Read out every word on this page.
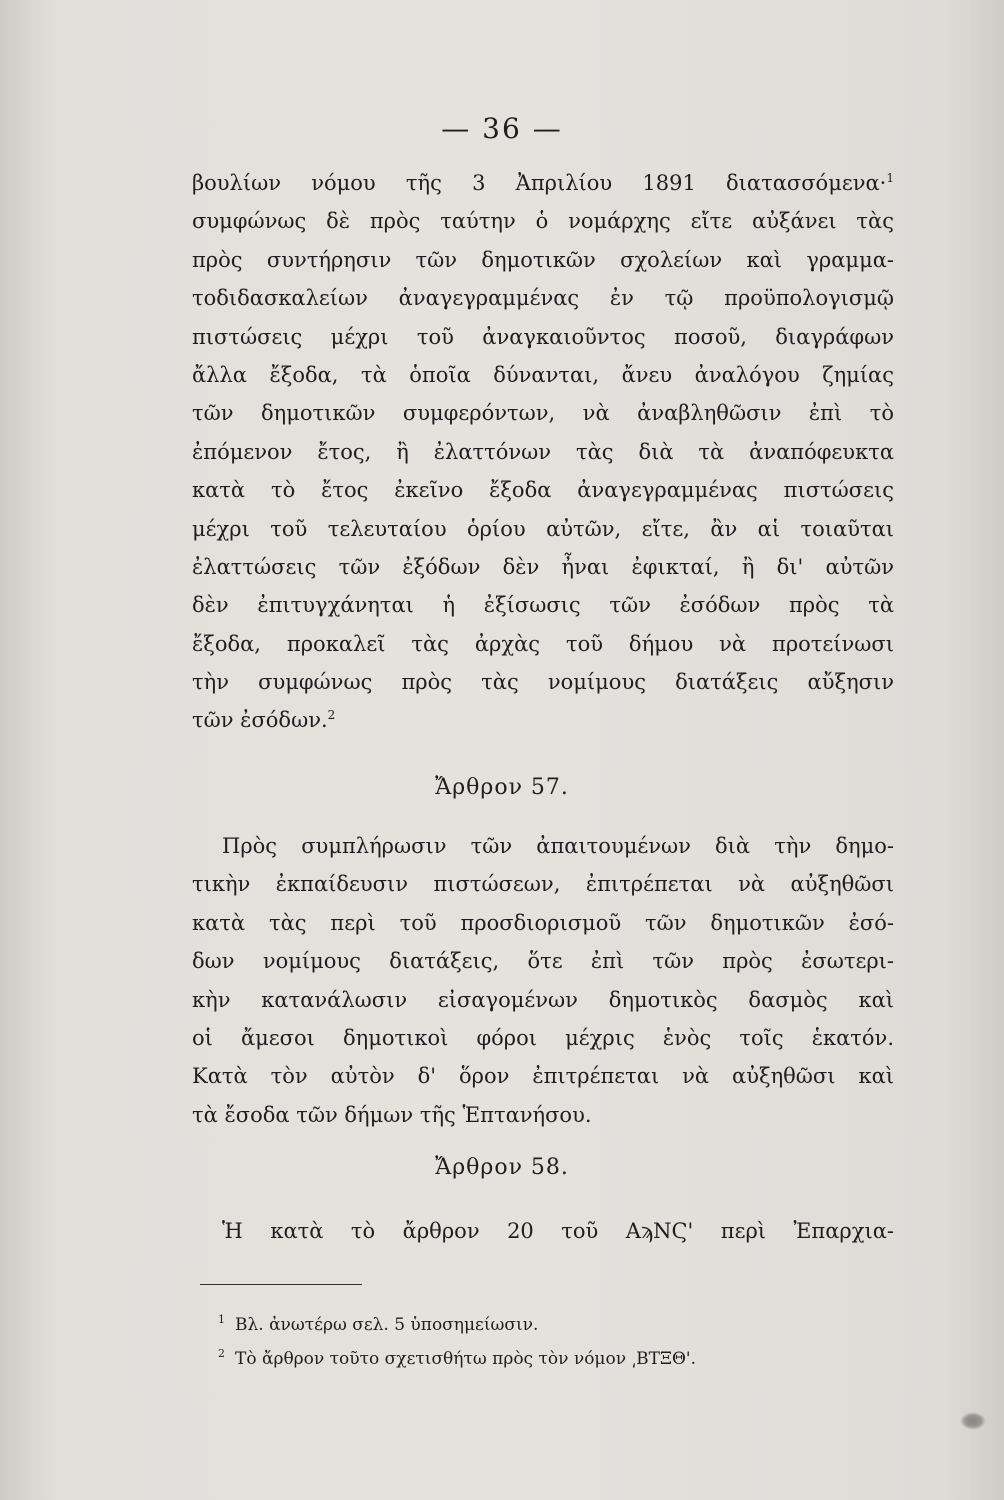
— 36 —
βουλίων νόμου τῆς 3 Ἀπριλίου 1891 διατασσόμενα·$^1$
συμφώνως δὲ πρὸς ταύτην ὁ νομάρχης εἴτε αὐξάνει τὰς
πρὸς συντήρησιν τῶν δημοτικῶν σχολείων καὶ γραμμα-
τοδιδασκαλείων ἀναγεγραμμένας ἐν τῷ προϋπολογισμῷ
πιστώσεις μέχρι τοῦ ἀναγκαιοῦντος ποσοῦ, διαγράφων
ἄλλα ἔξοδα, τὰ ὁποῖα δύνανται, ἄνευ ἀναλόγου ζημίας
τῶν δημοτικῶν συμφερόντων, νὰ ἀναβληθῶσιν ἐπὶ τὸ
ἐπόμενον ἔτος, ἢ ἐλαττόνων τὰς διὰ τὰ ἀναπόφευκτα
κατὰ τὸ ἔτος ἐκεῖνο ἔξοδα ἀναγεγραμμένας πιστώσεις
μέχρι τοῦ τελευταίου ὁρίου αὐτῶν, εἴτε, ἂν αἱ τοιαῦται
ἐλαττώσεις τῶν ἐξόδων δὲν ἦναι ἐφικταί, ἢ δι' αὐτῶν
δὲν ἐπιτυγχάνηται ἡ ἐξίσωσις τῶν ἐσόδων πρὸς τὰ
ἔξοδα, προκαλεῖ τὰς ἀρχὰς τοῦ δήμου νὰ προτείνωσι
τὴν συμφώνως πρὸς τὰς νομίμους διατάξεις αὔξησιν
τῶν ἐσόδων.$^2$
Ἄρθρον 57.
Πρὸς συμπλήρωσιν τῶν ἀπαιτουμένων διὰ τὴν δημο-
τικὴν ἐκπαίδευσιν πιστώσεων, ἐπιτρέπεται νὰ αὐξηθῶσι
κατὰ τὰς περὶ τοῦ προσδιορισμοῦ τῶν δημοτικῶν ἐσό-
δων νομίμους διατάξεις, ὅτε ἐπὶ τῶν πρὸς ἐσωτερι-
κὴν κατανάλωσιν εἰσαγομένων δημοτικὸς δασμὸς καὶ
οἱ ἄμεσοι δημοτικοὶ φόροι μέχρις ἑνὸς τοῖς ἑκατόν.
Κατὰ τὸν αὐτὸν δ' ὅρον ἐπιτρέπεται νὰ αὐξηθῶσι καὶ
τὰ ἔσοδα τῶν δήμων τῆς Ἑπτανήσου.
Ἄρθρον 58.
Ἡ κατὰ τὸ ἄρθρον 20 τοῦ ΑϡΝϚ' περὶ Ἐπαρχια-
$^1$ Βλ. ἀνωτέρω σελ. 5 ὑποσημείωσιν.
$^2$ Τὸ ἄρθρον τοῦτο σχετισθήτω πρὸς τὸν νόμον ͵ΒΤΞΘ'.
